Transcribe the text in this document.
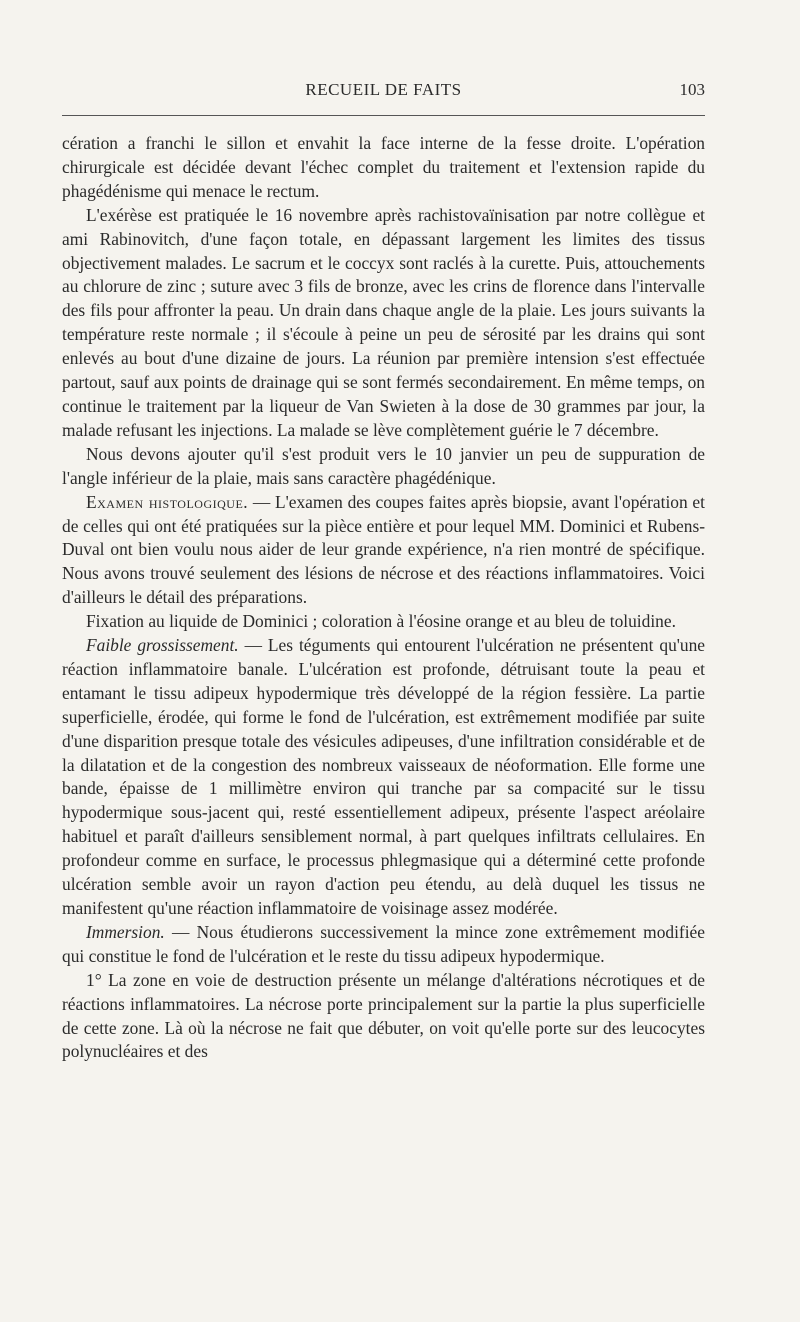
RECUEIL DE FAITS	103

cération a franchi le sillon et envahit la face interne de la fesse droite. L'opération chirurgicale est décidée devant l'échec complet du traitement et l'extension rapide du phagédénisme qui menace le rectum.

L'exérèse est pratiquée le 16 novembre après rachistovaïnisation par notre collègue et ami Rabinovitch, d'une façon totale, en dépassant largement les limites des tissus objectivement malades. Le sacrum et le coccyx sont raclés à la curette. Puis, attouchements au chlorure de zinc ; suture avec 3 fils de bronze, avec les crins de florence dans l'intervalle des fils pour affronter la peau. Un drain dans chaque angle de la plaie. Les jours suivants la température reste normale ; il s'écoule à peine un peu de sérosité par les drains qui sont enlevés au bout d'une dizaine de jours. La réunion par première intension s'est effectuée partout, sauf aux points de drainage qui se sont fermés secondairement. En même temps, on continue le traitement par la liqueur de Van Swieten à la dose de 30 grammes par jour, la malade refusant les injections. La malade se lève complètement guérie le 7 décembre.

Nous devons ajouter qu'il s'est produit vers le 10 janvier un peu de suppuration de l'angle inférieur de la plaie, mais sans caractère phagédénique.

Examen histologique. — L'examen des coupes faites après biopsie, avant l'opération et de celles qui ont été pratiquées sur la pièce entière et pour lequel MM. Dominici et Rubens-Duval ont bien voulu nous aider de leur grande expérience, n'a rien montré de spécifique. Nous avons trouvé seulement des lésions de nécrose et des réactions inflammatoires. Voici d'ailleurs le détail des préparations.

Fixation au liquide de Dominici ; coloration à l'éosine orange et au bleu de toluidine.

Faible grossissement. — Les téguments qui entourent l'ulcération ne présentent qu'une réaction inflammatoire banale. L'ulcération est profonde, détruisant toute la peau et entamant le tissu adipeux hypodermique très développé de la région fessière. La partie superficielle, érodée, qui forme le fond de l'ulcération, est extrêmement modifiée par suite d'une disparition presque totale des vésicules adipeuses, d'une infiltration considérable et de la dilatation et de la congestion des nombreux vaisseaux de néoformation. Elle forme une bande, épaisse de 1 millimètre environ qui tranche par sa compacité sur le tissu hypodermique sous-jacent qui, resté essentiellement adipeux, présente l'aspect aréolaire habituel et paraît d'ailleurs sensiblement normal, à part quelques infiltrats cellulaires. En profondeur comme en surface, le processus phlegmasique qui a déterminé cette profonde ulcération semble avoir un rayon d'action peu étendu, au delà duquel les tissus ne manifestent qu'une réaction inflammatoire de voisinage assez modérée.

Immersion. — Nous étudierons successivement la mince zone extrêmement modifiée qui constitue le fond de l'ulcération et le reste du tissu adipeux hypodermique.

1° La zone en voie de destruction présente un mélange d'altérations nécrotiques et de réactions inflammatoires. La nécrose porte principalement sur la partie la plus superficielle de cette zone. Là où la nécrose ne fait que débuter, on voit qu'elle porte sur des leucocytes polynucléaires et des
